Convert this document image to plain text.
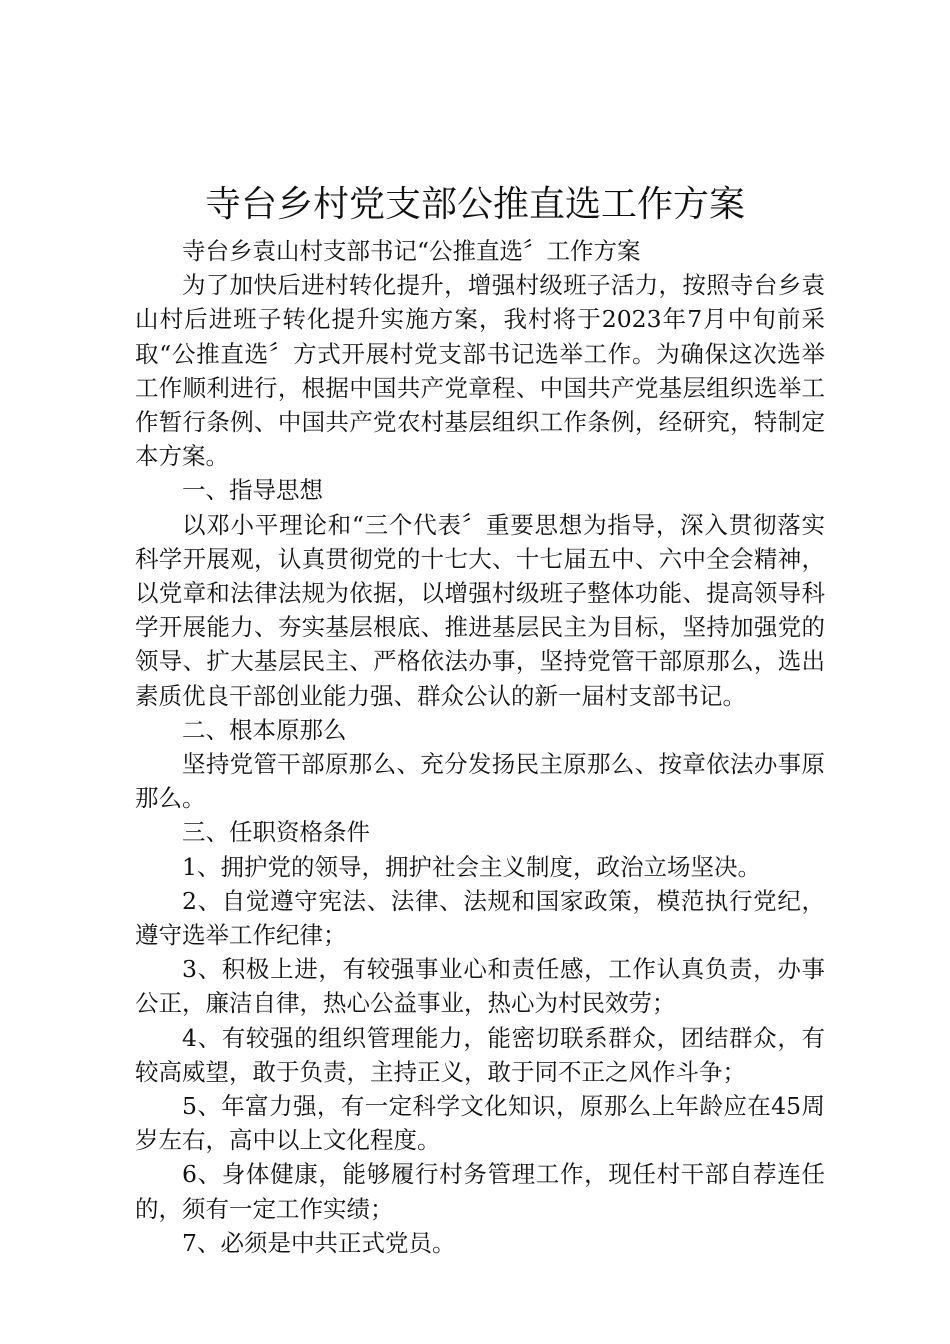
寺台乡村党支部公推直选工作方案

寺台乡袁山村支部书记“公推直选〞工作方案

为了加快后进村转化提升，增强村级班子活力，按照寺台乡袁山村后进班子转化提升实施方案，我村将于2023年7月中旬前采取“公推直选〞方式开展村党支部书记选举工作。为确保这次选举工作顺利进行，根据中国共产党章程、中国共产党基层组织选举工作暂行条例、中国共产党农村基层组织工作条例，经研究，特制定本方案。

一、指导思想

以邓小平理论和“三个代表〞重要思想为指导，深入贯彻落实科学开展观，认真贯彻党的十七大、十七届五中、六中全会精神，以党章和法律法规为依据，以增强村级班子整体功能、提高领导科学开展能力、夯实基层根底、推进基层民主为目标，坚持加强党的领导、扩大基层民主、严格依法办事，坚持党管干部原那么，选出素质优良干部创业能力强、群众公认的新一届村支部书记。

二、根本原那么

坚持党管干部原那么、充分发扬民主原那么、按章依法办事原那么。

三、任职资格条件

1、拥护党的领导，拥护社会主义制度，政治立场坚决。

2、自觉遵守宪法、法律、法规和国家政策，模范执行党纪，遵守选举工作纪律；

3、积极上进，有较强事业心和责任感，工作认真负责，办事公正，廉洁自律，热心公益事业，热心为村民效劳；

4、有较强的组织管理能力，能密切联系群众，团结群众，有较高威望，敢于负责，主持正义，敢于同不正之风作斗争；

5、年富力强，有一定科学文化知识，原那么上年龄应在45周岁左右，高中以上文化程度。

6、身体健康，能够履行村务管理工作，现任村干部自荐连任的，须有一定工作实绩；

7、必须是中共正式党员。
